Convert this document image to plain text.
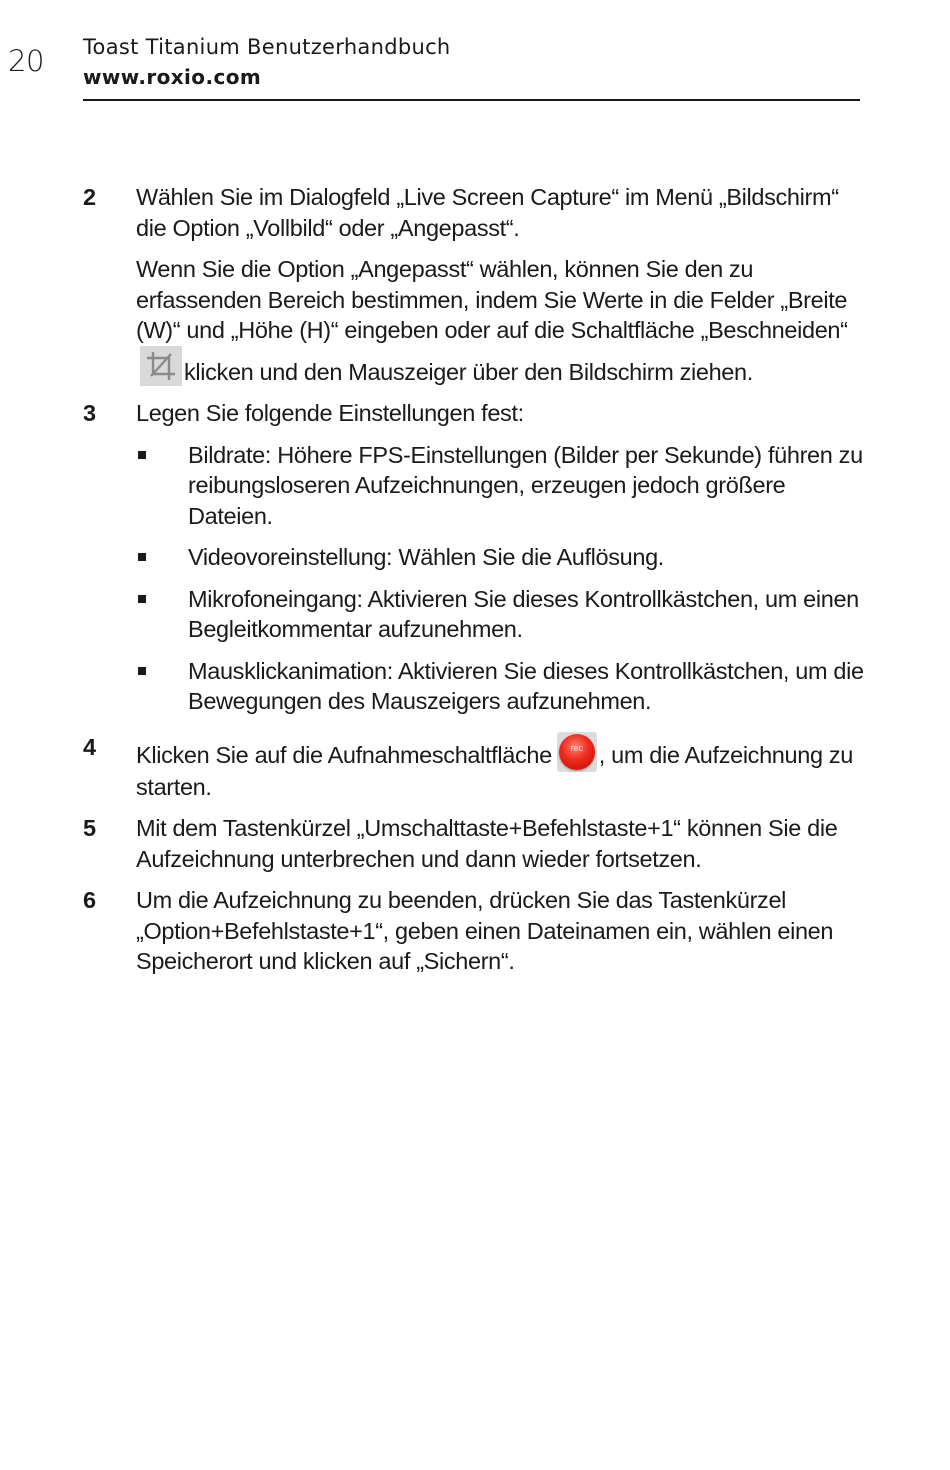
20 Toast Titanium Benutzerhandbuch
www.roxio.com
2 Wählen Sie im Dialogfeld „Live Screen Capture“ im Menü „Bildschirm“ die Option „Vollbild“ oder „Angepasst“.

Wenn Sie die Option „Angepasst“ wählen, können Sie den zu erfassenden Bereich bestimmen, indem Sie Werte in die Felder „Breite (W)“ und „Höhe (H)“ eingeben oder auf die Schaltfläche „Beschneiden“
klicken und den Mauszeiger über den Bildschirm ziehen.

3 Legen Sie folgende Einstellungen fest:

Bildrate: Höhere FPS-Einstellungen (Bilder per Sekunde) führen zu reibungsloseren Aufzeichnungen, erzeugen jedoch größere Dateien.
Videovoreinstellung: Wählen Sie die Auflösung.
Mikrofoneingang: Aktivieren Sie dieses Kontrollkästchen, um einen Begleitkommentar aufzunehmen.
Mausklickanimation: Aktivieren Sie dieses Kontrollkästchen, um die Bewegungen des Mauszeigers aufzunehmen.
4 Klicken Sie auf die Aufnahmeschaltfläche	rec , um die Aufzeichnung zu starten.

5 Mit dem Tastenkürzel „Umschalttaste+Befehlstaste+1“ können Sie die Aufzeichnung unterbrechen und dann wieder fortsetzen.

6 Um die Aufzeichnung zu beenden, drücken Sie das Tastenkürzel „Option+Befehlstaste+1“, geben einen Dateinamen ein, wählen einen Speicherort und klicken auf „Sichern“.
